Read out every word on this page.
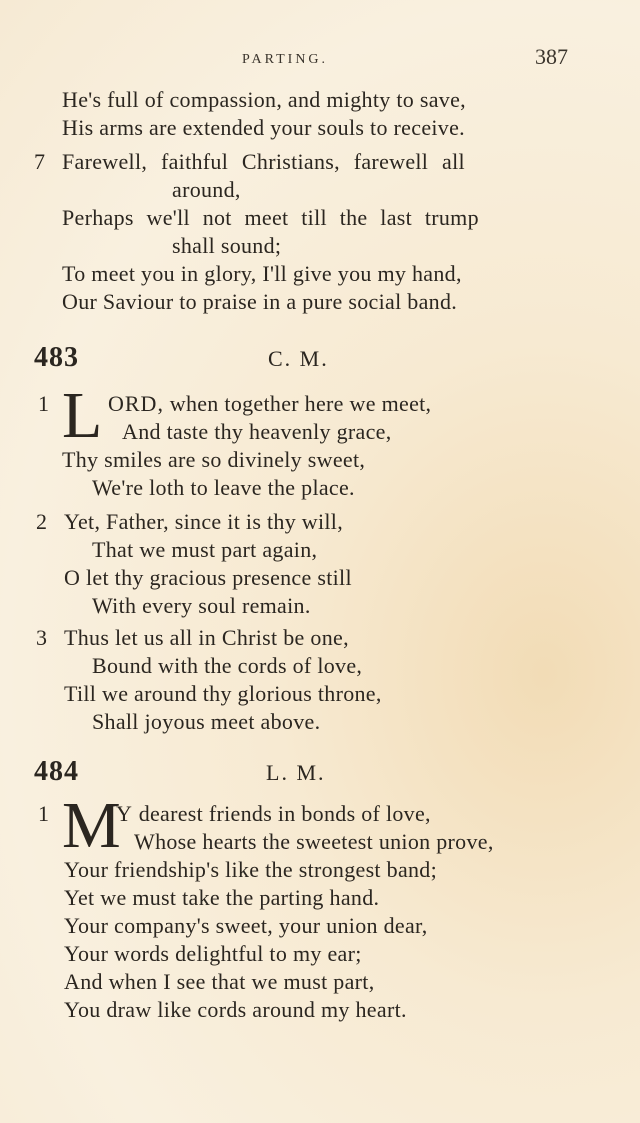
PARTING.	387
He's full of compassion, and mighty to save,
His arms are extended your souls to receive.
7 Farewell, faithful Christians, farewell all
around,
Perhaps we'll not meet till the last trump
shall sound;
To meet you in glory, I'll give you my hand,
Our Saviour to praise in a pure social band.
483	C. M.
1 L ORD, when together here we meet,
And taste thy heavenly grace,
Thy smiles are so divinely sweet,
We're loth to leave the place.
2 Yet, Father, since it is thy will,
That we must part again,
O let thy gracious presence still
With every soul remain.
3 Thus let us all in Christ be one,
Bound with the cords of love,
Till we around thy glorious throne,
Shall joyous meet above.
484	L. M.
1 M
Y dearest friends in bonds of love,
Whose hearts the sweetest union prove,
Your friendship's like the strongest band;
Yet we must take the parting hand.
Your company's sweet, your union dear,
Your words delightful to my ear;
And when I see that we must part,
You draw like cords around my heart.
